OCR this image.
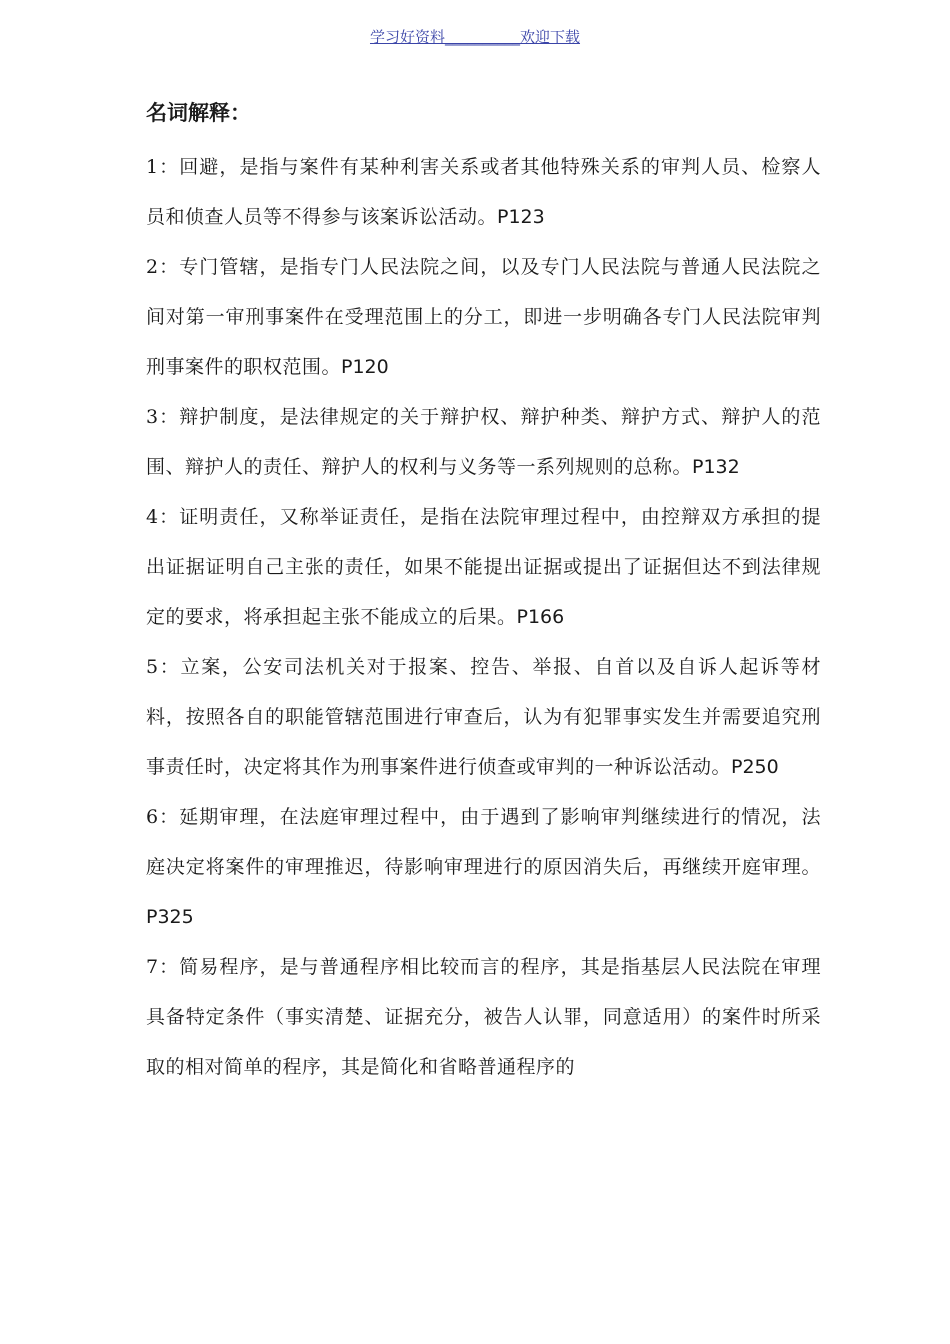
学习好资料__________欢迎下载
名词解释：

1：回避，是指与案件有某种利害关系或者其他特殊关系的审判人员、检察人员和侦查人员等不得参与该案诉讼活动。P123

2：专门管辖，是指专门人民法院之间，以及专门人民法院与普通人民法院之间对第一审刑事案件在受理范围上的分工，即进一步明确各专门人民法院审判刑事案件的职权范围。P120

3：辩护制度，是法律规定的关于辩护权、辩护种类、辩护方式、辩护人的范围、辩护人的责任、辩护人的权利与义务等一系列规则的总称。P132

4：证明责任，又称举证责任，是指在法院审理过程中，由控辩双方承担的提出证据证明自己主张的责任，如果不能提出证据或提出了证据但达不到法律规定的要求，将承担起主张不能成立的后果。P166

5：立案，公安司法机关对于报案、控告、举报、自首以及自诉人起诉等材料，按照各自的职能管辖范围进行审查后，认为有犯罪事实发生并需要追究刑事责任时，决定将其作为刑事案件进行侦查或审判的一种诉讼活动。P250

6：延期审理，在法庭审理过程中，由于遇到了影响审判继续进行的情况，法庭决定将案件的审理推迟，待影响审理进行的原因消失后，再继续开庭审理。P325

7：简易程序，是与普通程序相比较而言的程序，其是指基层人民法院在审理具备特定条件（事实清楚、证据充分，被告人认罪，同意适用）的案件时所采取的相对简单的程序，其是简化和省略普通程序的
